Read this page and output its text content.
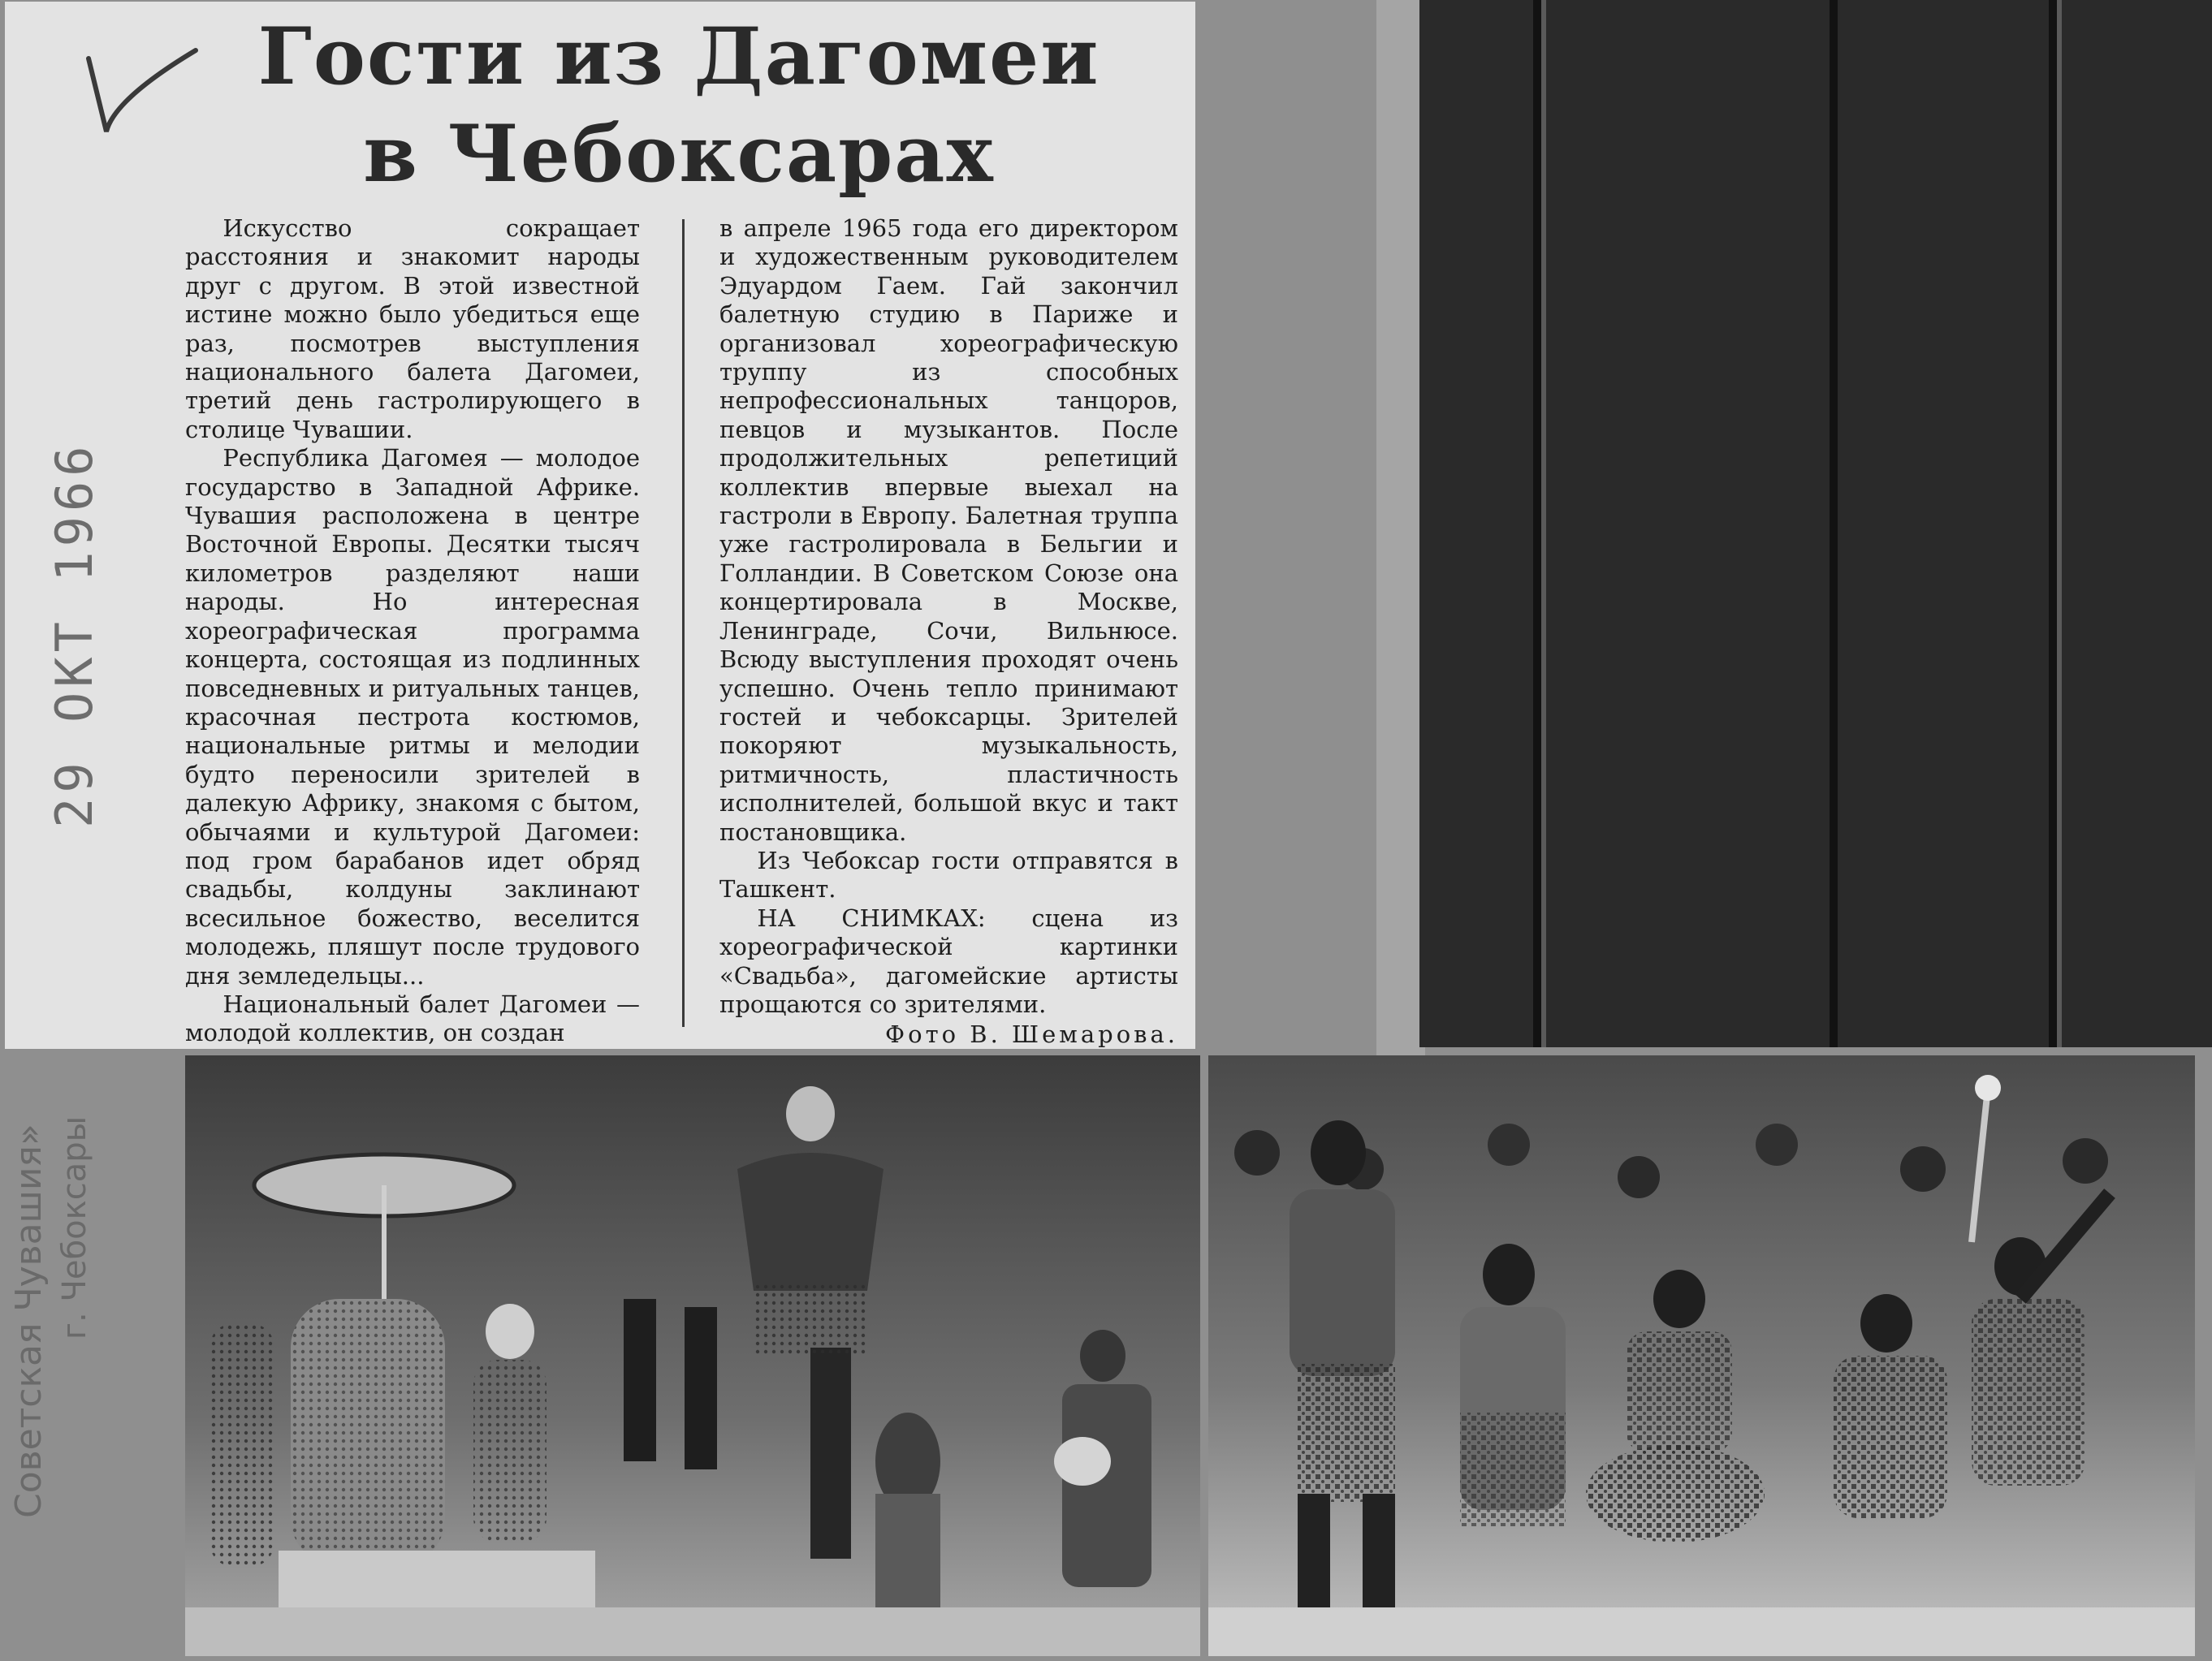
Гости из Дагомеи
в Чебоксарах

Искусство сокращает расстояния и знакомит народы друг с другом. В этой известной истине можно было убедиться еще раз, посмотрев выступления национального балета Дагомеи, третий день гастролирующего в столице Чувашии.

Республика Дагомея — молодое государство в Западной Африке. Чувашия расположена в центре Восточной Европы. Десятки тысяч километров разделяют наши народы. Но интересная хореографическая программа концерта, состоящая из подлинных повседневных и ритуальных танцев, красочная пестрота костюмов, национальные ритмы и мелодии будто переносили зрителей в далекую Африку, знакомя с бытом, обычаями и культурой Дагомеи: под гром барабанов идет обряд свадьбы, колдуны заклинают всесильное божество, веселится молодежь, пляшут после трудового дня земледельцы...

Национальный балет Дагомеи —молодой коллектив, он создан

в апреле 1965 года его директором и художественным руководителем Эдуардом Гаем. Гай закончил балетную студию в Париже и организовал хореографическую труппу из способных непрофессиональных танцоров, певцов и музыкантов. После продолжительных репетиций коллектив впервые выехал на гастроли в Европу. Балетная труппа уже гастролировала в Бельгии и Голландии. В Советском Союзе она концертировала в Москве, Ленинграде, Сочи, Вильнюсе. Всюду выступления проходят очень успешно. Очень тепло принимают гостей и чебоксарцы. Зрителей покоряют музыкальность, ритмичность, пластичность исполнителей, большой вкус и такт постановщика.

Из Чебоксар гости отправятся в Ташкент.

НА СНИМКАХ: сцена из хореографической картинки «Свадьба», дагомейские артисты прощаются со зрителями.

Фото В. Шемарова.
29 ОКТ 1966
Советская Чувашия» г. Чебоксары
